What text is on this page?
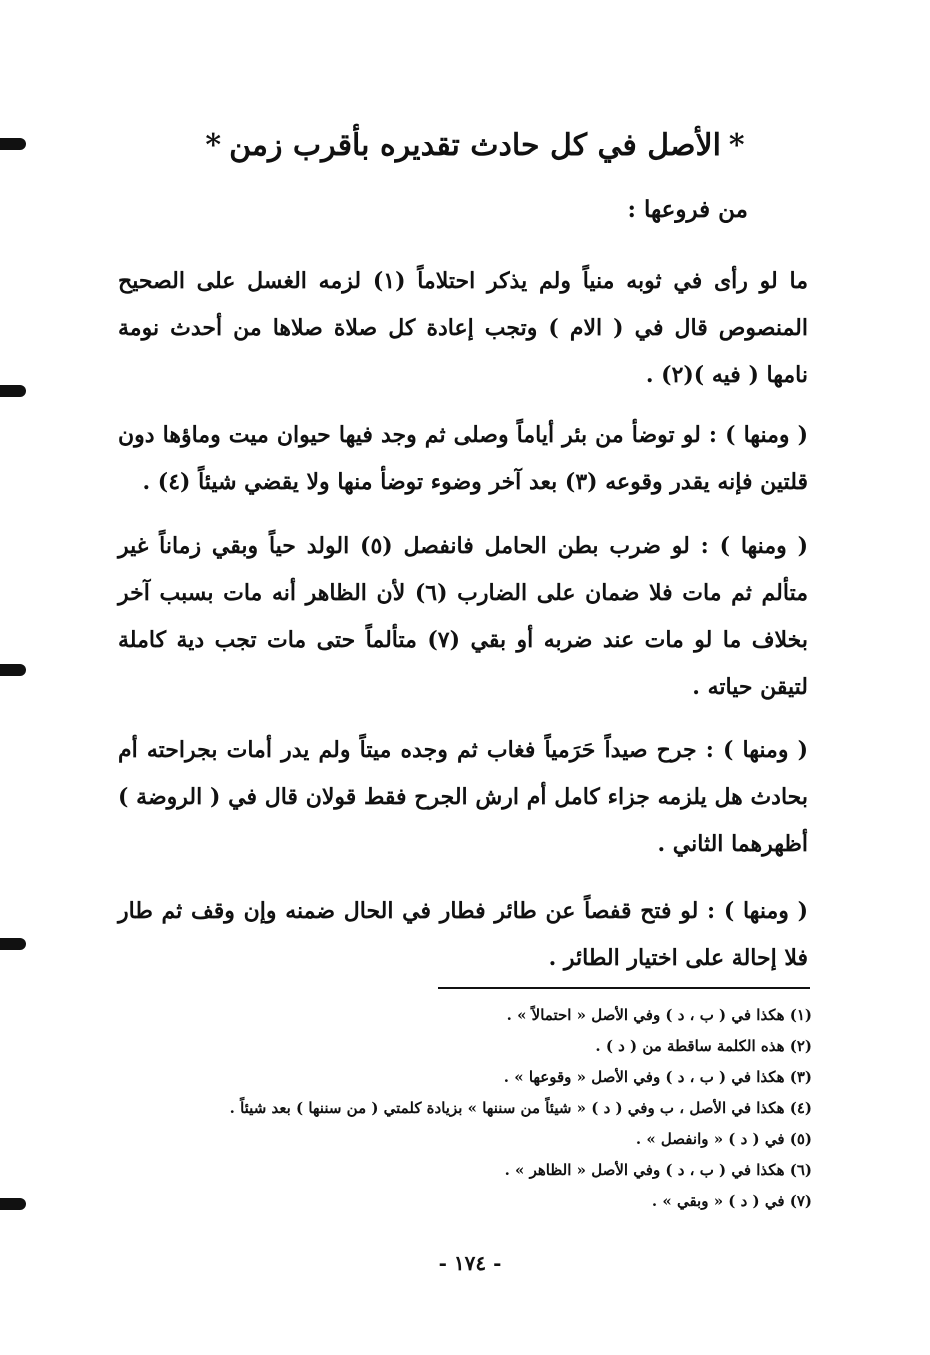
*الأصل في كل حادث تقديره بأقرب زمن*
من فروعها :
ما لو رأى في ثوبه منياً ولم يذكر احتلاماً (١) لزمه الغسل على الصحيح المنصوص قال في ( الام ) وتجب إعادة كل صلاة صلاها من أحدث نومة نامها ( فيه )(٢) .
( ومنها ) : لو توضأ من بئر أياماً وصلى ثم وجد فيها حيوان ميت وماؤها دون قلتين فإنه يقدر وقوعه (٣) بعد آخر وضوء توضأ منها ولا يقضي شيئاً (٤) .
( ومنها ) : لو ضرب بطن الحامل فانفصل (٥) الولد حياً وبقي زماناً غير متألم ثم مات فلا ضمان على الضارب (٦) لأن الظاهر أنه مات بسبب آخر بخلاف ما لو مات عند ضربه أو بقي (٧) متألماً حتى مات تجب دية كاملة لتيقن حياته .
( ومنها ) : جرح صيداً حَرَمياً فغاب ثم وجده ميتاً ولم يدر أمات بجراحته أم بحادث هل يلزمه جزاء كامل أم ارش الجرح فقط قولان قال في ( الروضة ) أظهرهما الثاني .
( ومنها ) : لو فتح قفصاً عن طائر فطار في الحال ضمنه وإن وقف ثم طار فلا إحالة على اختيار الطائر .
(١) هكذا في ( ب ، د ) وفي الأصل « احتمالاً » .
(٢) هذه الكلمة ساقطة من ( د ) .
(٣) هكذا في ( ب ، د ) وفي الأصل « وقوعها » .
(٤) هكذا في الأصل ، ب وفي ( د ) « شيئاً من سننها » بزيادة كلمتي ( من سننها ) بعد شيئاً .
(٥) في ( د ) « وانفصل » .
(٦) هكذا في ( ب ، د ) وفي الأصل « الظاهر » .
(٧) في ( د ) « وبقي » .
- ١٧٤ -
